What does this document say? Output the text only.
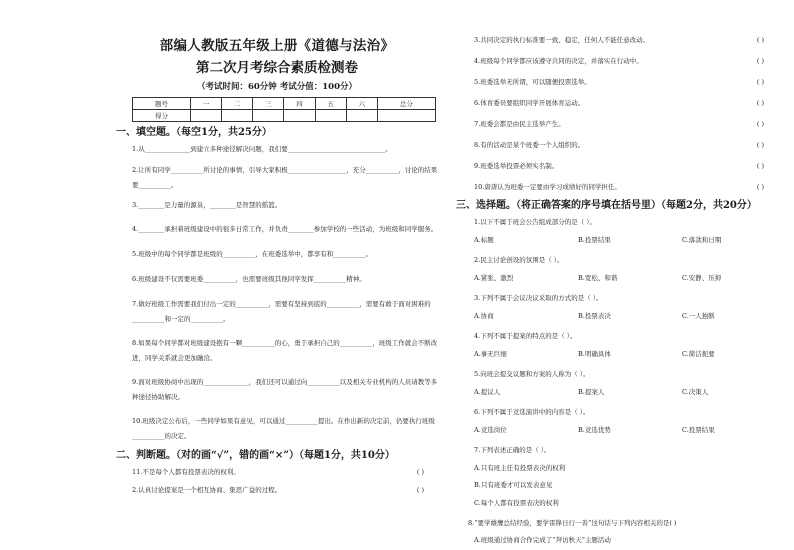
部编人教版五年级上册《道德与法治》
第二次月考综合素质检测卷
（考试时间：60分钟 考试分值：100分）
题号	一	二	三	四	五	六	总分
得分							
一、填空题。（每空1分，共25分）
1.从______________到建立多种途径解决问题，我们要______________________________。
2.让所有同学__________所讨论的事情，引导大家积极__________________，充分__________，讨论的结果要__________。
3.________是力量的源泉，________是智慧的摇篮。
4.________承担着班级建设中的很多日常工作，并负责________参加学校的一些活动，为班级和同学服务。
5.班级中的每个同学都是班级的__________，在班委选举中，都享有和__________。
6.班级建设不仅需要班委__________，也需要班级其他同学发挥__________精神。
7.做好班级工作需要我们付出一定的__________，需要有坚持到底的__________，需要有敢于面对困难的__________和一定的__________。
8.如果每个同学都对班级建设抱有一颗__________的心，勇于承担自己的__________，班级工作就会不断改进，同学关系就会更加融洽。
9.面对班级协商中出现的______________，我们还可以通过向__________以及相关专业机构的人员请教等多种途径协助解决。
10.班级决定公布后，一些同学如果有意见，可以通过__________提出。在作出新的决定前，仍要执行班级__________的决定。
二、判断题。（对的画“√”，错的画“×”）（每题1分，共10分）
11.不是每个人都有投票表决的权利。	( )
2.认真讨论提案是一个相互协商、集思广益的过程。	( )
3.共同决定的执行标准要一致、稳定，任何人不能任意改动。	( )
4.班级每个同学都应该遵守共同的决定，并落实在行动中。	( )
5.班委选举无所谓，可以随便投票选举。	( )
6.体育委员要组织同学开展体育运动。	( )
7.班委会都是由民主选举产生。	( )
8.有的活动是某个班委一个人组织的。	( )
9.班委选举投票必须实名制。	( )
10.唐唐认为班委一定要由学习成绩好的同学担任。	( )
三、选择题。（将正确答案的序号填在括号里）（每题2分，共20分）
1.以下不属于班会公告组成部分的是（ ）。
A.标题	B.投票结果	C.落款和日期
2.民主讨论创设的氛围是（ ）。
A.紧张、激烈	B.宽松、和谐	C.安静、压抑
3.下列不属于会议决议采取的方式的是（ ）。
A.协商	B.投票表决	C.一人独断
4.下列不属于提案的特点的是（ ）。
A.事无巨细	B.明确具体	C.简洁扼要
5.向班会提交议题和方案的人称为（ ）。
A.提议人	B.提案人	C.决策人
6.下列不属于竞选演讲中的内容是（ ）。
A.竞选岗位	B.竞选优势	C.投票结果
7.下列表述正确的是（ ）。
A.只有班主任有投票表决的权利
B.只有班委才可以发表意见
C.每个人都有投票表决的权利
8.“要学雄鹰总结经验，要学雷锋日行一善”这句话与下列内容相关的是( )
A.班级通过协商合作完成了“拜访秋天”主题活动
